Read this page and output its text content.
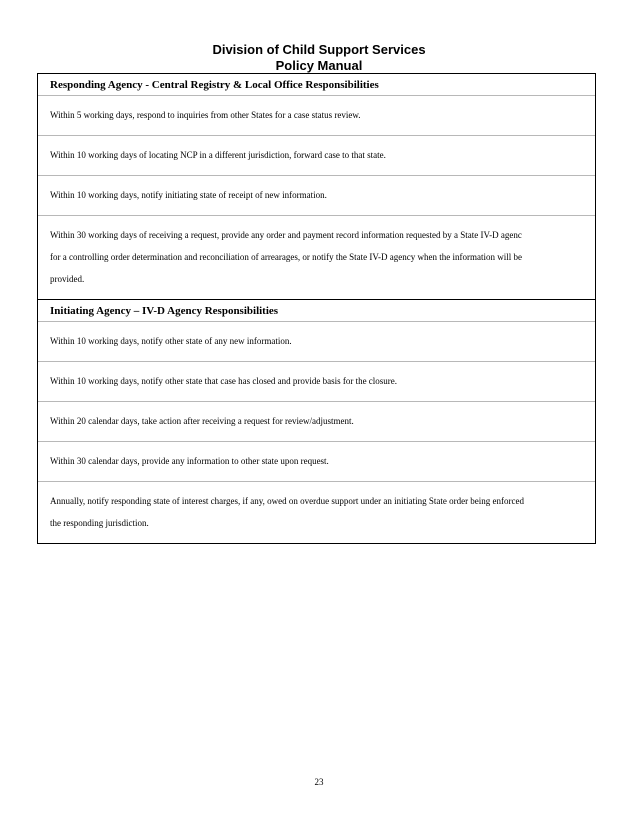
Division of Child Support Services
Policy Manual
Responding Agency - Central Registry & Local Office Responsibilities

Within 5 working days, respond to inquiries from other States for a case status review.

Within 10 working days of locating NCP in a different jurisdiction, forward case to that state.

Within 10 working days, notify initiating state of receipt of new information.

Within 30 working days of receiving a request, provide any order and payment record information requested by a State IV-D agenc

for a controlling order determination and reconciliation of arrearages, or notify the State IV-D agency when the information will be

provided.

Initiating Agency – IV-D Agency Responsibilities

Within 10 working days, notify other state of any new information.

Within 10 working days, notify other state that case has closed and provide basis for the closure.

Within 20 calendar days, take action after receiving a request for review/adjustment.

Within 30 calendar days, provide any information to other state upon request.

Annually, notify responding state of interest charges, if any, owed on overdue support under an initiating State order being enforced

the responding jurisdiction.

23
